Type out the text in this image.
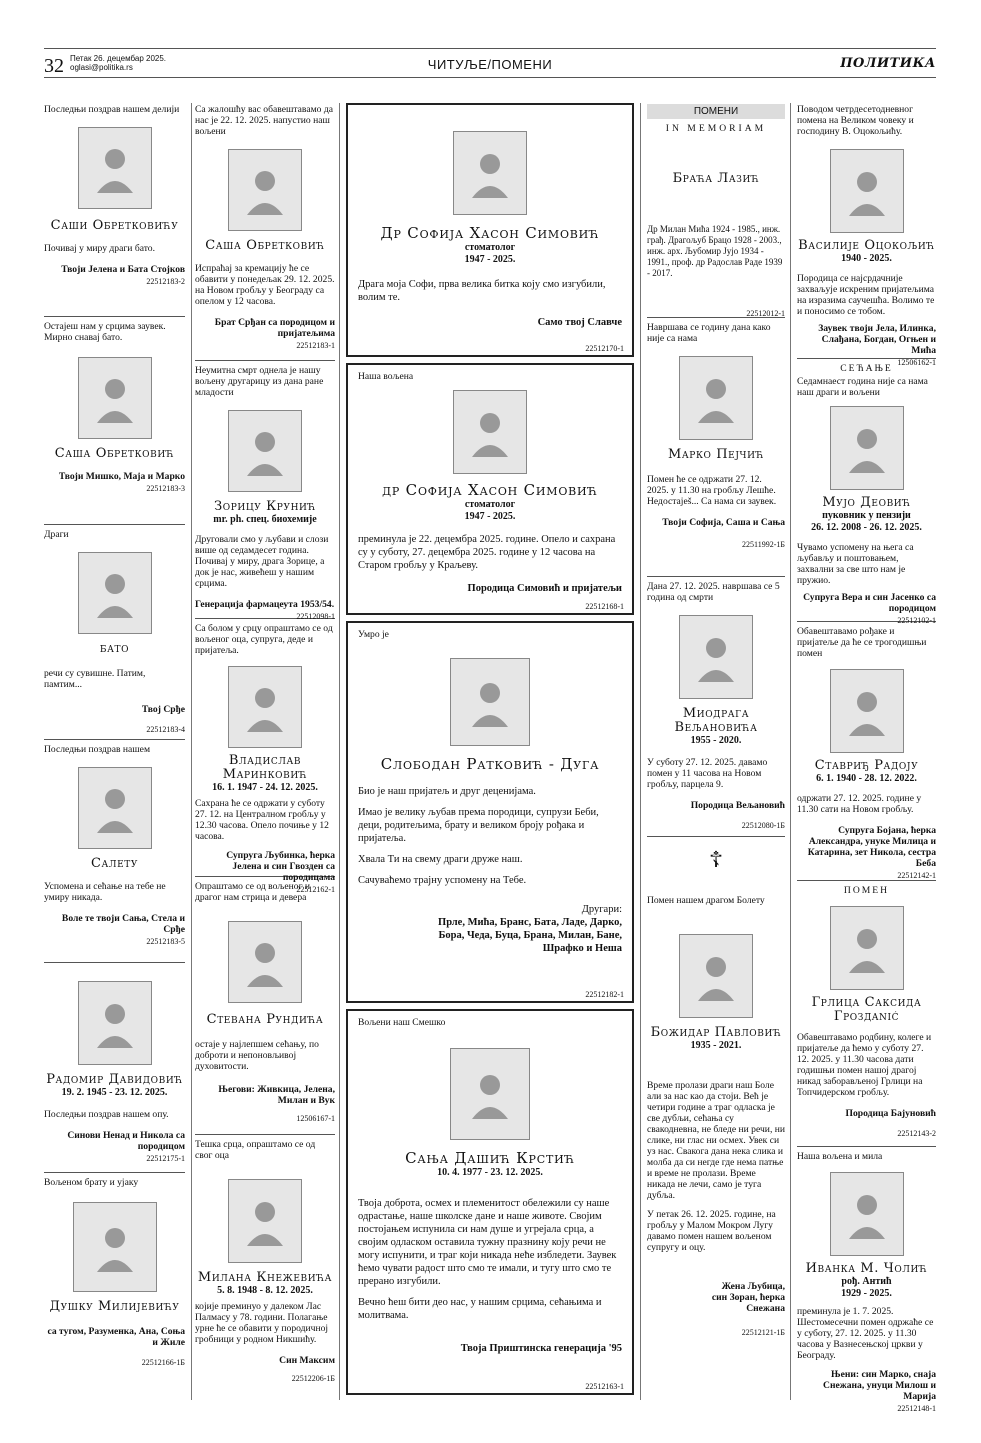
32 Петак 26. децембар 2025.
oglasi@politika.rs	ЧИТУЉЕ/ПОМЕНИ	ПОЛИТИКА
Последњи поздрав нашем делији
Саши Обретковићу
Почивај у миру драги бато.
Твоји Јелена и Бата Стојков
22512183-2
Остајеш нам у срцима заувек. Мирно снавај бато.
Саша Обретковић
Твоји Мишко, Маја и Марко
22512183-3
Драги
бато
речи су сувишне. Патим, памтим...
Твој Срђе
22512183-4
Последњи поздрав нашем
Салету
Успомена и сећање на тебе не умиру никада.
Воле те твоји Сања, Стела и Срђе
22512183-5
Радомир Давидовић
19. 2. 1945 - 23. 12. 2025.
Последњи поздрав нашем опу.
Синови Ненад и Никола са породицом
22512175-1
Вољеном брату и ујаку
Душку Милијевићу
са тугом, Разуменка, Ана, Соња и Жиле
22512166-1Б
Са жалошћу вас обавештавамо да нас је 22. 12. 2025. напустио наш вољени
Саша Обретковић
Испраћај за кремацију ће се обавити у понедељак 29. 12. 2025. на Новом гробљу у Београду са опелом у 12 часова.
Брат Срђан са породицом и пријатељима
22512183-1
Неумитна смрт однела је нашу вољену другарицу из дана ране младости
Зорицу Крунић
mr. ph. спец. биохемије
Друговали смо у љубави и слози више од седамдесет година. Почивај у миру, драга Зорице, а док је нас, живећеш у нашим срцима.
Генерација фармацеута 1953/54.
22512098-1
Са болом у срцу опраштамо се од вољеног оца, супруга, деде и пријатеља.
Владислав Маринковић
16. 1. 1947 - 24. 12. 2025.
Сахрана ће се одржати у суботу 27. 12. на Централном гробљу у 12.30 часова. Опело почиње у 12 часова.
Супруга Љубинка, ћерка Јелена и син Гвозден са породицама
22512162-1
Опраштамо се од вољеног и драгог нам стрица и девера
Стевана Рундића
остаје у најлепшем сећању, по доброти и непоновљивој духовитости.
Његови: Живкица, Јелена, Милан и Вук
12506167-1
Тешка срца, опраштамо се од свог оца
Милана Кнежевића
5. 8. 1948 - 8. 12. 2025.
којије преминуо у далеком Лас Палмасу у 78. години. Полагање урне ће се обавити у породичној гробници у родном Никшићу.
Син Максим
22512206-1Б
Др Софија Хасон Симовић
стоматолог
1947 - 2025.
Драга моја Софи, прва велика битка коју смо изгубили, волим те.
Само твој Славче
22512170-1
Наша вољена
др Софија Хасон Симовић
стоматолог
1947 - 2025.
преминула је 22. децембра 2025. године. Опело и сахрана су у суботу, 27. децембра 2025. године у 12 часова на Старом гробљу у Краљеву.
Породица Симовић и пријатељи
22512168-1
Умро је
Слободан Ратковић - Дуга
Био је наш пријатељ и друг деценијама.
Имао је велику љубав према породици, супрузи Беби, деци, родитељима, брату и великом броју рођака и пријатеља.
Хвала Ти на свему драги друже наш.
Сачуваћемо трајну успомену на Тебе.
Другари:
Прле, Мића, Бранс, Бата, Ладе, Дарко, Бора, Чеда, Буца, Брана, Милан, Бане, Шрафко и Неша
22512182-1
Вољени наш Смешко
Сања Дашић Крстић
10. 4. 1977 - 23. 12. 2025.
Твоја доброта, осмех и племенитост обележили су наше одрастање, наше школске дане и наше животе. Својим постојањем испунила си нам душе и угрејала срца, а својим одласком оставила тужну празнину коју речи не могу испунити, и траг који никада неће избледети. Заувек ћемо чувати радост што смо те имали, и тугу што смо те прерано изгубили.
Вечно ћеш бити део нас, у нашим срцима, сећањима и молитвама.
Твоја Приштинска генерација '95
22512163-1
ПОМЕНИ
IN MEMORIAM
Браћа Лазић
Др Милан Мића 1924 - 1985., инж. грађ. Драгољуб Брацо 1928 - 2003., инж. арх. Љубомир Јуjо 1934 - 1991., проф. др Радослав Раде 1939 - 2017.
22512012-1
Навршава се годину дана како није са нама
Марко Пејчић
Помен ће се одржати 27. 12. 2025. у 11.30 на гробљу Лешће. Недостаješ... Са нама си заувек.
Твоји Софија, Саша и Сања
22511992-1Б
Дана 27. 12. 2025. навршава се 5 година од смрти
Миодрага Вељановића
1955 - 2020.
У суботу 27. 12. 2025. давамо помен у 11 часова на Новом гробљу, парцела 9.
Породица Вељановић
22512080-1Б
☦
Помен нашем драгом Болету
Божидар Павловић
1935 - 2021.
Време пролази драги наш Боле али за нас као да стоји. Већ је четири године а траг одласка је све дубљи, сећања су свакодневна, не бледе ни речи, ни слике, ни глас ни осмех. Увек си уз нас. Свакога дана нека слика и молба да си негде где нема патње и време не пролази. Време никада не лечи, само је туга дубља.
У петак 26. 12. 2025. године, на гробљу у Малом Мокром Лугу давамо помен нашем вољеном супругу и оцу.
Жена Љубица, син Зоран, ћерка Снежана
22512121-1Б
Поводом четрдесетодневног помена на Великом човеку и господину В. Оцокољићу.
Василије Оцокољић
1940 - 2025.
Породица се најсрдачније захваљује искреним пријатељима на изразима саучешћа. Волимо те и поносимо се тобом.
Заувек твоји Јела, Илинка, Слађана, Богдан, Огњен и Мића
12506162-1
СЕЋАЊЕ
Седамнаест година није са нама наш драги и вољени
Мујо Деовић
пуковник у пензији
26. 12. 2008 - 26. 12. 2025.
Чувамо успомену на њега са љубављу и поштовањем, захвални за све што нам је пружио.
Супруга Вера и син Јасенко са породицом
22512102-1
Обавештавамо рођаке и пријатеље да ће се трогодишњи помен
Ставриђ Радоју
6. 1. 1940 - 28. 12. 2022.
одржати 27. 12. 2025. године у 11.30 сати на Новом гробљу.
Супруга Бојана, ћерка Александра, унуке Милица и Катарина, зет Никола, сестра Беба
22512142-1
ПОМЕН
Грлица Саксида Гроздanić
Обавештавамо родбину, колеге и пријатеље да ћемо у суботу 27. 12. 2025. у 11.30 часова дати годишњи помен нашој драгој никад заборављеној Грлици на Топчидерском гробљу.
Породица Бајуновић
22512143-2
Наша вољена и мила
Иванка М. Чолић
рођ. Антић
1929 - 2025.
преминула је 1. 7. 2025. Шестомесечни помен одржаће се у суботу, 27. 12. 2025. у 11.30 часова у Вазнесењској цркви у Београду.
Њени: син Марко, снаја Снежана, унуци Милош и Марија
22512148-1
